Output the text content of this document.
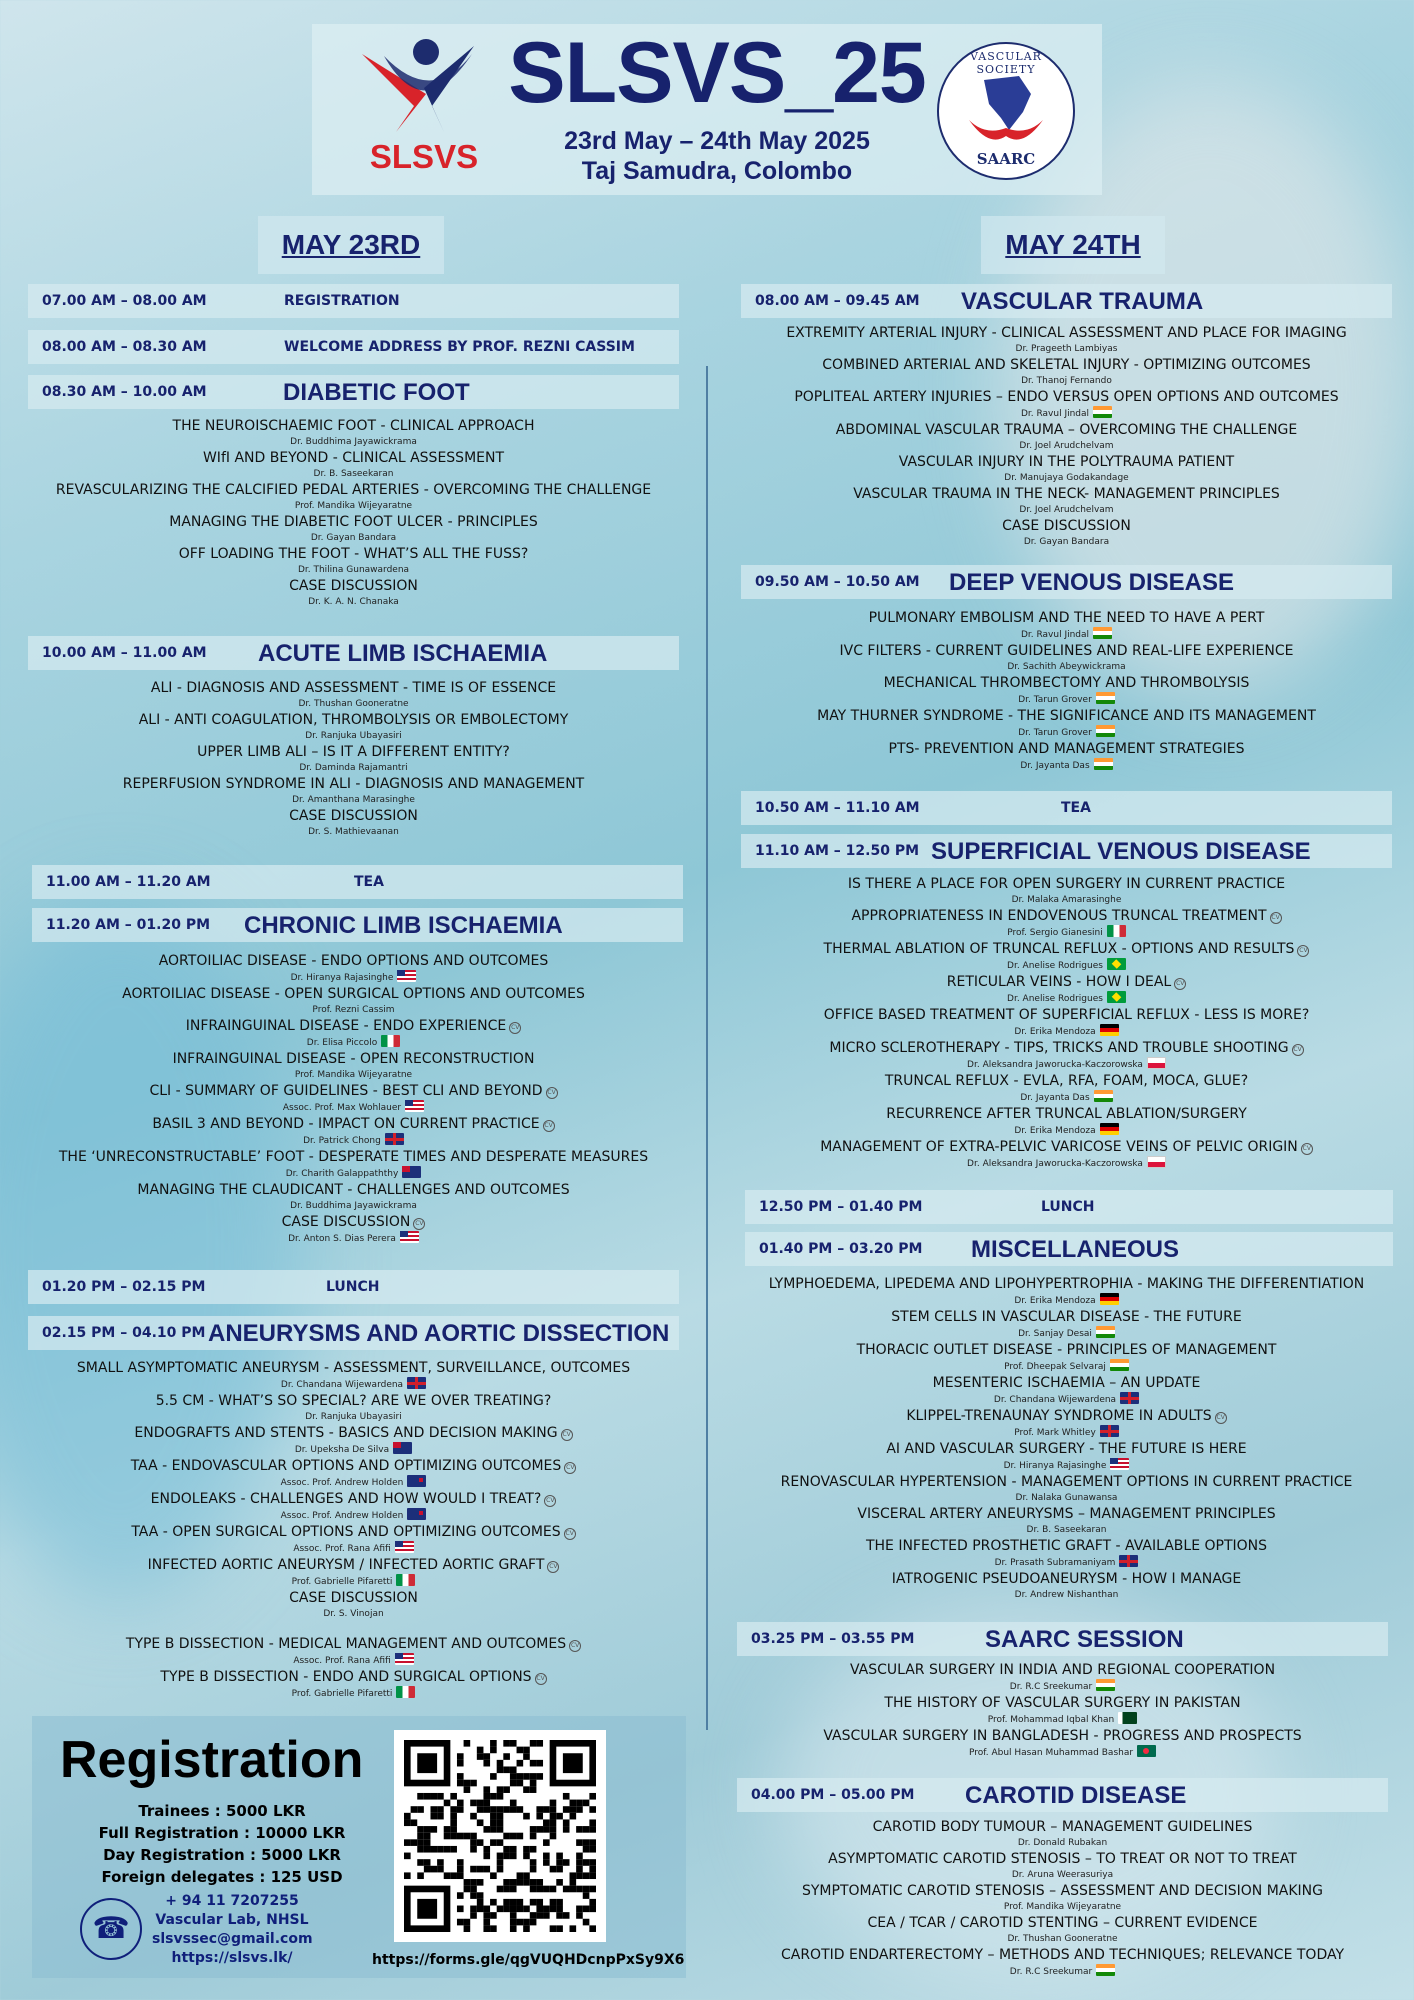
SLSVS
SLSVS_25
23rd May – 24th May 2025
Taj Samudra, Colombo
VASCULAR SOCIETY
SAARC
MAY 23RD	MAY 24TH
07.00 AM – 08.00 AM	REGISTRATION
08.00 AM – 08.30 AM	WELCOME ADDRESS BY PROF. REZNI CASSIM
08.30 AM – 10.00 AM	DIABETIC FOOT
THE NEUROISCHAEMIC FOOT - CLINICAL APPROACH
Dr. Buddhima Jayawickrama
WIfI AND BEYOND - CLINICAL ASSESSMENT
Dr. B. Saseekaran
REVASCULARIZING THE CALCIFIED PEDAL ARTERIES - OVERCOMING THE CHALLENGE
Prof. Mandika Wijeyaratne
MANAGING THE DIABETIC FOOT ULCER - PRINCIPLES
Dr. Gayan Bandara
OFF LOADING THE FOOT - WHAT’S ALL THE FUSS?
Dr. Thilina Gunawardena
CASE DISCUSSION
Dr. K. A. N. Chanaka
10.00 AM – 11.00 AM ACUTE LIMB ISCHAEMIA
ALI - DIAGNOSIS AND ASSESSMENT - TIME IS OF ESSENCE
Dr. Thushan Gooneratne
ALI - ANTI COAGULATION, THROMBOLYSIS OR EMBOLECTOMY
Dr. Ranjuka Ubayasiri
UPPER LIMB ALI – IS IT A DIFFERENT ENTITY?
Dr. Daminda Rajamantri
REPERFUSION SYNDROME IN ALI - DIAGNOSIS AND MANAGEMENT
Dr. Amanthana Marasinghe
CASE DISCUSSION
Dr. S. Mathievaanan
11.00 AM – 11.20 AM	TEA
11.20 AM – 01.20 PM CHRONIC LIMB ISCHAEMIA
AORTOILIAC DISEASE - ENDO OPTIONS AND OUTCOMES
Dr. Hiranya Rajasinghe
AORTOILIAC DISEASE - OPEN SURGICAL OPTIONS AND OUTCOMES
Prof. Rezni Cassim
INFRAINGUINAL DISEASE - ENDO EXPERIENCE CV
Dr. Elisa Piccolo
INFRAINGUINAL DISEASE - OPEN RECONSTRUCTION
Prof. Mandika Wijeyaratne
CLI - SUMMARY OF GUIDELINES - BEST CLI AND BEYOND CV
Assoc. Prof. Max Wohlauer
BASIL 3 AND BEYOND - IMPACT ON CURRENT PRACTICE CV
Dr. Patrick Chong
THE ‘UNRECONSTRUCTABLE’ FOOT - DESPERATE TIMES AND DESPERATE MEASURES
Dr. Charith Galappaththy
MANAGING THE CLAUDICANT - CHALLENGES AND OUTCOMES
Dr. Buddhima Jayawickrama
CASE DISCUSSION CV
Dr. Anton S. Dias Perera
01.20 PM – 02.15 PM	LUNCH
02.15 PM – 04.10 PM ANEURYSMS AND AORTIC DISSECTION
SMALL ASYMPTOMATIC ANEURYSM - ASSESSMENT, SURVEILLANCE, OUTCOMES
Dr. Chandana Wijewardena
5.5 CM - WHAT’S SO SPECIAL? ARE WE OVER TREATING?
Dr. Ranjuka Ubayasiri
ENDOGRAFTS AND STENTS - BASICS AND DECISION MAKING CV
Dr. Upeksha De Silva
TAA - ENDOVASCULAR OPTIONS AND OPTIMIZING OUTCOMES CV
Assoc. Prof. Andrew Holden
ENDOLEAKS - CHALLENGES AND HOW WOULD I TREAT? CV
Assoc. Prof. Andrew Holden
TAA - OPEN SURGICAL OPTIONS AND OPTIMIZING OUTCOMES CV
Assoc. Prof. Rana Afifi
INFECTED AORTIC ANEURYSM / INFECTED AORTIC GRAFT CV
Prof. Gabrielle Pifaretti
CASE DISCUSSION
Dr. S. Vinojan
TYPE B DISSECTION - MEDICAL MANAGEMENT AND OUTCOMES CV
Assoc. Prof. Rana Afifi
TYPE B DISSECTION - ENDO AND SURGICAL OPTIONS CV
Prof. Gabrielle Pifaretti
Registration
Trainees : 5000 LKR
Full Registration : 10000 LKR
Day Registration : 5000 LKR
Foreign delegates : 125 USD
☎
+ 94 11 7207255
Vascular Lab, NHSL
slsvssec@gmail.com
https://slsvs.lk/	https://forms.gle/qgVUQHDcnpPxSy9X6
08.00 AM – 09.45 AM VASCULAR TRAUMA
EXTREMITY ARTERIAL INJURY - CLINICAL ASSESSMENT AND PLACE FOR IMAGING
Dr. Prageeth Lambiyas
COMBINED ARTERIAL AND SKELETAL INJURY - OPTIMIZING OUTCOMES
Dr. Thanoj Fernando
POPLITEAL ARTERY INJURIES – ENDO VERSUS OPEN OPTIONS AND OUTCOMES
Dr. Ravul Jindal
ABDOMINAL VASCULAR TRAUMA – OVERCOMING THE CHALLENGE
Dr. Joel Arudchelvam
VASCULAR INJURY IN THE POLYTRAUMA PATIENT
Dr. Manujaya Godakandage
VASCULAR TRAUMA IN THE NECK- MANAGEMENT PRINCIPLES
Dr. Joel Arudchelvam
CASE DISCUSSION
Dr. Gayan Bandara
09.50 AM – 10.50 AM DEEP VENOUS DISEASE
PULMONARY EMBOLISM AND THE NEED TO HAVE A PERT
Dr. Ravul Jindal
IVC FILTERS - CURRENT GUIDELINES AND REAL-LIFE EXPERIENCE
Dr. Sachith Abeywickrama
MECHANICAL THROMBECTOMY AND THROMBOLYSIS
Dr. Tarun Grover
MAY THURNER SYNDROME - THE SIGNIFICANCE AND ITS MANAGEMENT
Dr. Tarun Grover
PTS- PREVENTION AND MANAGEMENT STRATEGIES
Dr. Jayanta Das
10.50 AM – 11.10 AM	TEA
11.10 AM – 12.50 PM SUPERFICIAL VENOUS DISEASE
IS THERE A PLACE FOR OPEN SURGERY IN CURRENT PRACTICE
Dr. Malaka Amarasinghe
APPROPRIATENESS IN ENDOVENOUS TRUNCAL TREATMENT CV
Prof. Sergio Gianesini
THERMAL ABLATION OF TRUNCAL REFLUX - OPTIONS AND RESULTS CV
Dr. Anelise Rodrigues
RETICULAR VEINS - HOW I DEAL CV
Dr. Anelise Rodrigues
OFFICE BASED TREATMENT OF SUPERFICIAL REFLUX - LESS IS MORE?
Dr. Erika Mendoza
MICRO SCLEROTHERAPY - TIPS, TRICKS AND TROUBLE SHOOTING CV
Dr. Aleksandra Jaworucka-Kaczorowska
TRUNCAL REFLUX - EVLA, RFA, FOAM, MOCA, GLUE?
Dr. Jayanta Das
RECURRENCE AFTER TRUNCAL ABLATION/SURGERY
Dr. Erika Mendoza
MANAGEMENT OF EXTRA-PELVIC VARICOSE VEINS OF PELVIC ORIGIN CV
Dr. Aleksandra Jaworucka-Kaczorowska
12.50 PM – 01.40 PM	LUNCH
01.40 PM – 03.20 PM MISCELLANEOUS
LYMPHOEDEMA, LIPEDEMA AND LIPOHYPERTROPHIA - MAKING THE DIFFERENTIATION
Dr. Erika Mendoza
STEM CELLS IN VASCULAR DISEASE - THE FUTURE
Dr. Sanjay Desai
THORACIC OUTLET DISEASE - PRINCIPLES OF MANAGEMENT
Prof. Dheepak Selvaraj
MESENTERIC ISCHAEMIA – AN UPDATE
Dr. Chandana Wijewardena
KLIPPEL-TRENAUNAY SYNDROME IN ADULTS CV
Prof. Mark Whitley
AI AND VASCULAR SURGERY - THE FUTURE IS HERE
Dr. Hiranya Rajasinghe
RENOVASCULAR HYPERTENSION - MANAGEMENT OPTIONS IN CURRENT PRACTICE
Dr. Nalaka Gunawansa
VISCERAL ARTERY ANEURYSMS – MANAGEMENT PRINCIPLES
Dr. B. Saseekaran
THE INFECTED PROSTHETIC GRAFT - AVAILABLE OPTIONS
Dr. Prasath Subramaniyam
IATROGENIC PSEUDOANEURYSM - HOW I MANAGE
Dr. Andrew Nishanthan
03.25 PM – 03.55 PM	SAARC SESSION
VASCULAR SURGERY IN INDIA AND REGIONAL COOPERATION
Dr. R.C Sreekumar
THE HISTORY OF VASCULAR SURGERY IN PAKISTAN
Prof. Mohammad Iqbal Khan
VASCULAR SURGERY IN BANGLADESH - PROGRESS AND PROSPECTS
Prof. Abul Hasan Muhammad Bashar
04.00 PM – 05.00 PM CAROTID DISEASE
CAROTID BODY TUMOUR – MANAGEMENT GUIDELINES
Dr. Donald Rubakan
ASYMPTOMATIC CAROTID STENOSIS – TO TREAT OR NOT TO TREAT
Dr. Aruna Weerasuriya
SYMPTOMATIC CAROTID STENOSIS – ASSESSMENT AND DECISION MAKING
Prof. Mandika Wijeyaratne
CEA / TCAR / CAROTID STENTING – CURRENT EVIDENCE
Dr. Thushan Gooneratne
CAROTID ENDARTERECTOMY – METHODS AND TECHNIQUES; RELEVANCE TODAY
Dr. R.C Sreekumar
